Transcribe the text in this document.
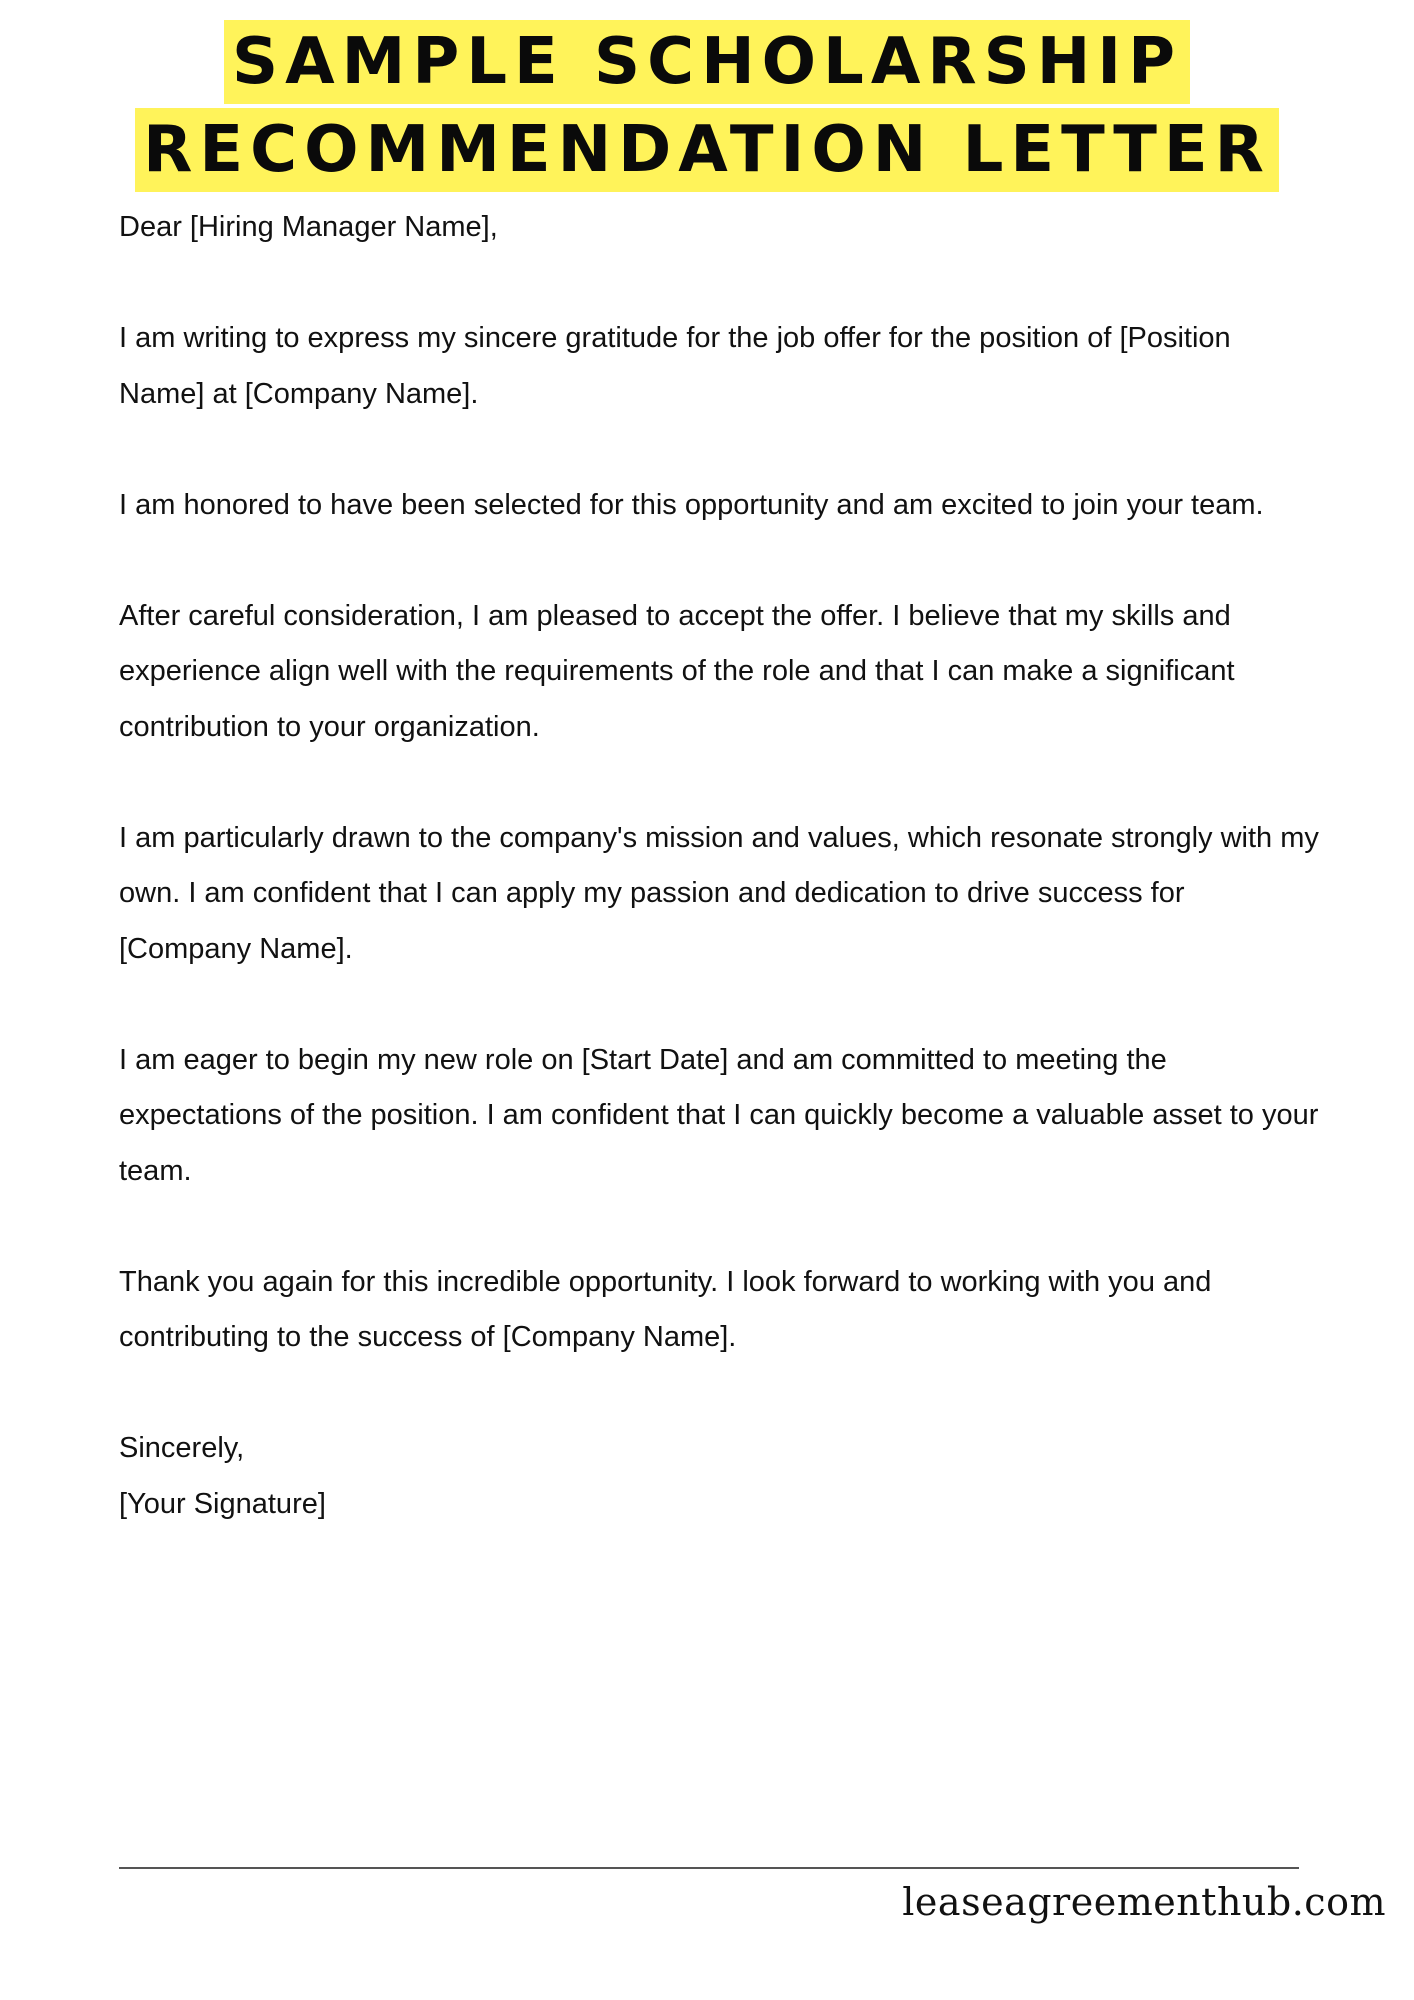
SAMPLE SCHOLARSHIP
RECOMMENDATION LETTER

Dear [Hiring Manager Name],

I am writing to express my sincere gratitude for the job offer for the position of [Position Name] at [Company Name].

I am honored to have been selected for this opportunity and am excited to join your team.

After careful consideration, I am pleased to accept the offer. I believe that my skills and experience align well with the requirements of the role and that I can make a significant contribution to your organization.

I am particularly drawn to the company's mission and values, which resonate strongly with my own. I am confident that I can apply my passion and dedication to drive success for [Company Name].

I am eager to begin my new role on [Start Date] and am committed to meeting the expectations of the position. I am confident that I can quickly become a valuable asset to your team.

Thank you again for this incredible opportunity. I look forward to working with you and contributing to the success of [Company Name].

Sincerely,

[Your Signature]

leaseagreementhub.com
